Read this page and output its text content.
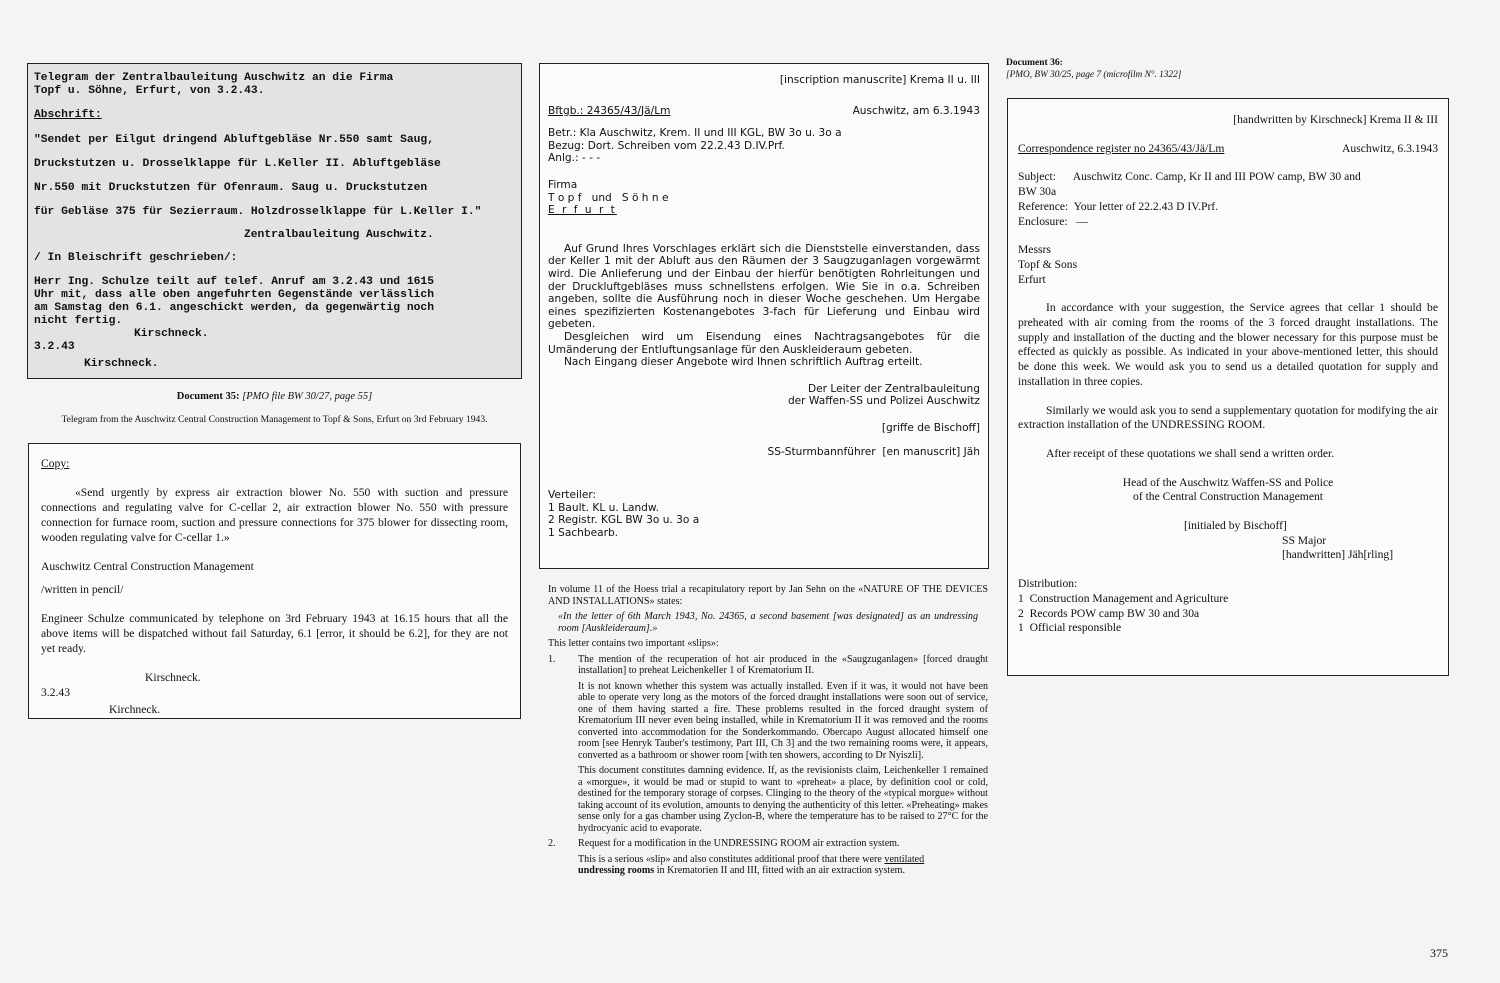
Telegram der Zentralbauleitung Auschwitz an die Firma
Topf u. Söhne, Erfurt, von 3.2.43.
Abschrift:
"Sendet per Eilgut dringend Abluftgebläse Nr.550 samt Saug,
Druckstutzen u. Drosselklappe für L.Keller II. Abluftgebläse
Nr.550 mit Druckstutzen für Ofenraum. Saug u. Druckstutzen
für Gebläse 375 für Sezierraum. Holzdrosselklappe für L.Keller I."
Zentralbauleitung Auschwitz.
/ In Bleischrift geschrieben/:
Herr Ing. Schulze teilt auf telef. Anruf am 3.2.43 und 1615
Uhr mit, dass alle oben angefuhrten Gegenstände verlässlich
am Samstag den 6.1. angeschickt werden, da gegenwärtig noch
nicht fertig.
Kirschneck.
3.2.43
Kirschneck.
Document 35: [PMO file BW 30/27, page 55]
Telegram from the Auschwitz Central Construction Management to Topf & Sons, Erfurt on 3rd February 1943.

Copy:

«Send urgently by express air extraction blower No. 550 with suction and pressure connections and regulating valve for C-cellar 2, air extraction blower No. 550 with pressure connection for furnace room, suction and pressure connections for 375 blower for dissecting room, wooden regulating valve for C-cellar 1.»

Auschwitz Central Construction Management

/written in pencil/

Engineer Schulze communicated by telephone on 3rd February 1943 at 16.15 hours that all the above items will be dispatched without fail Saturday, 6.1 [error, it should be 6.2], for they are not yet ready.

Kirschneck.

3.2.43

Kirchneck.

[inscription manuscrite] Krema II u. III
Bftgb.: 24365/43/Jä/Lm	Auschwitz, am 6.3.1943
Betr.: Kla Auschwitz, Krem. II und III KGL, BW 3o u. 3o a
Bezug: Dort. Schreiben vom 22.2.43 D.IV.Prf.
Anlg.: - - -
Firma
T o p f   und   S ö h n e
E r f u r t

Auf Grund Ihres Vorschlages erklärt sich die Dienststelle einverstanden, dass der Keller 1 mit der Abluft aus den Räumen der 3 Saugzuganlagen vorgewärmt wird. Die Anlieferung und der Einbau der hierfür benötigten Rohrleitungen und der Druckluftgebläses muss schnellstens erfolgen. Wie Sie in o.a. Schreiben angeben, sollte die Ausführung noch in dieser Woche geschehen. Um Hergabe eines spezifizierten Kostenangebotes 3-fach für Lieferung und Einbau wird gebeten.

Desgleichen wird um Eisendung eines Nachtragsangebotes für die Umänderung der Entluftungsanlage für den Auskleideraum gebeten.

Nach Eingang dieser Angebote wird Ihnen schriftlich Auftrag erteilt.

Der Leiter der Zentralbauleitung
der Waffen-SS und Polizei Auschwitz
[griffe de Bischoff]
SS-Sturmbannführer  [en manuscrit] Jäh
Verteiler:
1 Bault. KL u. Landw.
2 Registr. KGL BW 3o u. 3o a
1 Sachbearb.

In volume 11 of the Hoess trial a recapitulatory report by Jan Sehn on the «NATURE OF THE DEVICES AND INSTALLATIONS» states:

«In the letter of 6th March 1943, No. 24365, a second basement [was designated] as an undressing room [Auskleideraum].»

This letter contains two important «slips»:

1.	The mention of the recuperation of hot air produced in the «Saugzuganlagen» [forced draught installation] to preheat Leichenkeller 1 of Krematorium II.

It is not known whether this system was actually installed. Even if it was, it would not have been able to operate very long as the motors of the forced draught installations were soon out of service, one of them having started a fire. These problems resulted in the forced draught system of Krematorium III never even being installed, while in Krematorium II it was removed and the rooms converted into accommodation for the Sonderkommando. Obercapo August allocated himself one room [see Henryk Tauber's testimony, Part III, Ch 3] and the two remaining rooms were, it appears, converted as a bathroom or shower room [with ten showers, according to Dr Nyiszli].

This document constitutes damning evidence. If, as the revisionists claim, Leichenkeller 1 remained a «morgue», it would be mad or stupid to want to «preheat» a place, by definition cool or cold, destined for the temporary storage of corpses. Clinging to the theory of the «typical morgue» without taking account of its evolution, amounts to denying the authenticity of this letter. «Preheating» makes sense only for a gas chamber using Zyclon-B, where the temperature has to be raised to 27°C for the hydrocyanic acid to evaporate.

2.	Request for a modification in the UNDRESSING ROOM air extraction system.

This is a serious «slip» and also constitutes additional proof that there were ventilated
undressing rooms in Krematorien II and III, fitted with an air extraction system.

Document 36:
[PMO, BW 30/25, page 7 (microfilm N°. 1322]
[handwritten by Kirschneck] Krema II & III
Correspondence register no 24365/43/Jä/Lm	Auschwitz, 6.3.1943
Subject:      Auschwitz Conc. Camp, Kr II and III POW camp, BW 30 and
BW 30a
Reference:  Your letter of 22.2.43 D IV.Prf.
Enclosure:   —
Messrs
Topf & Sons
Erfurt

In accordance with your suggestion, the Service agrees that cellar 1 should be preheated with air coming from the rooms of the 3 forced draught installations. The supply and installation of the ducting and the blower necessary for this purpose must be effected as quickly as possible. As indicated in your above-mentioned letter, this should be done this week. We would ask you to send us a detailed quotation for supply and installation in three copies.

Similarly we would ask you to send a supplementary quotation for modifying the air extraction installation of the UNDRESSING ROOM.

After receipt of these quotations we shall send a written order.

Head of the Auschwitz Waffen-SS and Police
of the Central Construction Management
[initialed by Bischoff]
SS Major
[handwritten] Jäh[rling]
Distribution:
1  Construction Management and Agriculture
2  Records POW camp BW 30 and 30a
1  Official responsible
375
